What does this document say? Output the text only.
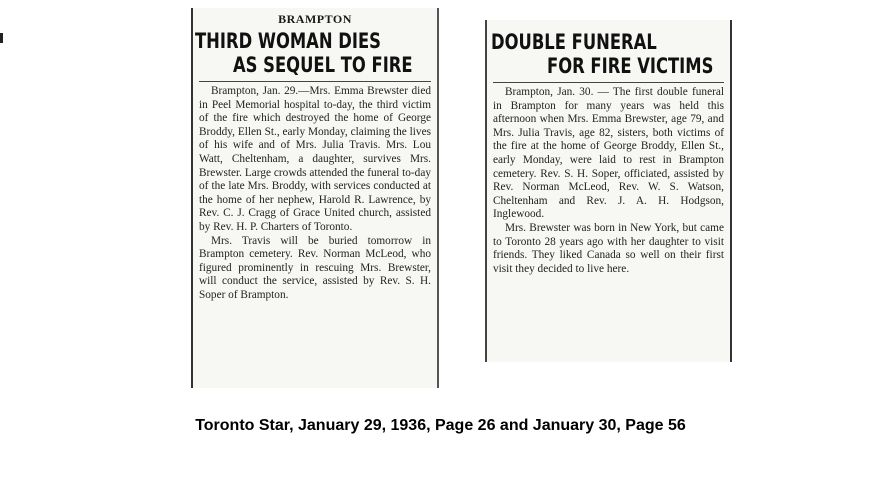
BRAMPTON
THIRD WOMAN DIES
AS SEQUEL TO FIRE

Brampton, Jan. 29.—Mrs. Emma Brewster died in Peel Memorial hospital to-day, the third victim of the fire which destroyed the home of George Broddy, Ellen St., early Monday, claiming the lives of his wife and of Mrs. Julia Travis. Mrs. Lou Watt, Cheltenham, a daughter, survives Mrs. Brewster. Large crowds attended the funeral to-day of the late Mrs. Broddy, with services conducted at the home of her nephew, Harold R. Lawrence, by Rev. C. J. Cragg of Grace United church, assisted by Rev. H. P. Charters of Toronto.

Mrs. Travis will be buried tomorrow in Brampton cemetery. Rev. Norman McLeod, who figured prominently in rescuing Mrs. Brewster, will conduct the service, assisted by Rev. S. H. Soper of Brampton.

DOUBLE FUNERAL
FOR FIRE VICTIMS

Brampton, Jan. 30. — The first double funeral in Brampton for many years was held this afternoon when Mrs. Emma Brewster, age 79, and Mrs. Julia Travis, age 82, sisters, both victims of the fire at the home of George Broddy, Ellen St., early Monday, were laid to rest in Brampton cemetery. Rev. S. H. Soper, officiated, assisted by Rev. Norman McLeod, Rev. W. S. Watson, Cheltenham and Rev. J. A. H. Hodgson, Inglewood.

Mrs. Brewster was born in New York, but came to Toronto 28 years ago with her daughter to visit friends. They liked Canada so well on their first visit they decided to live here.

Toronto Star, January 29, 1936, Page 26 and January 30, Page 56
